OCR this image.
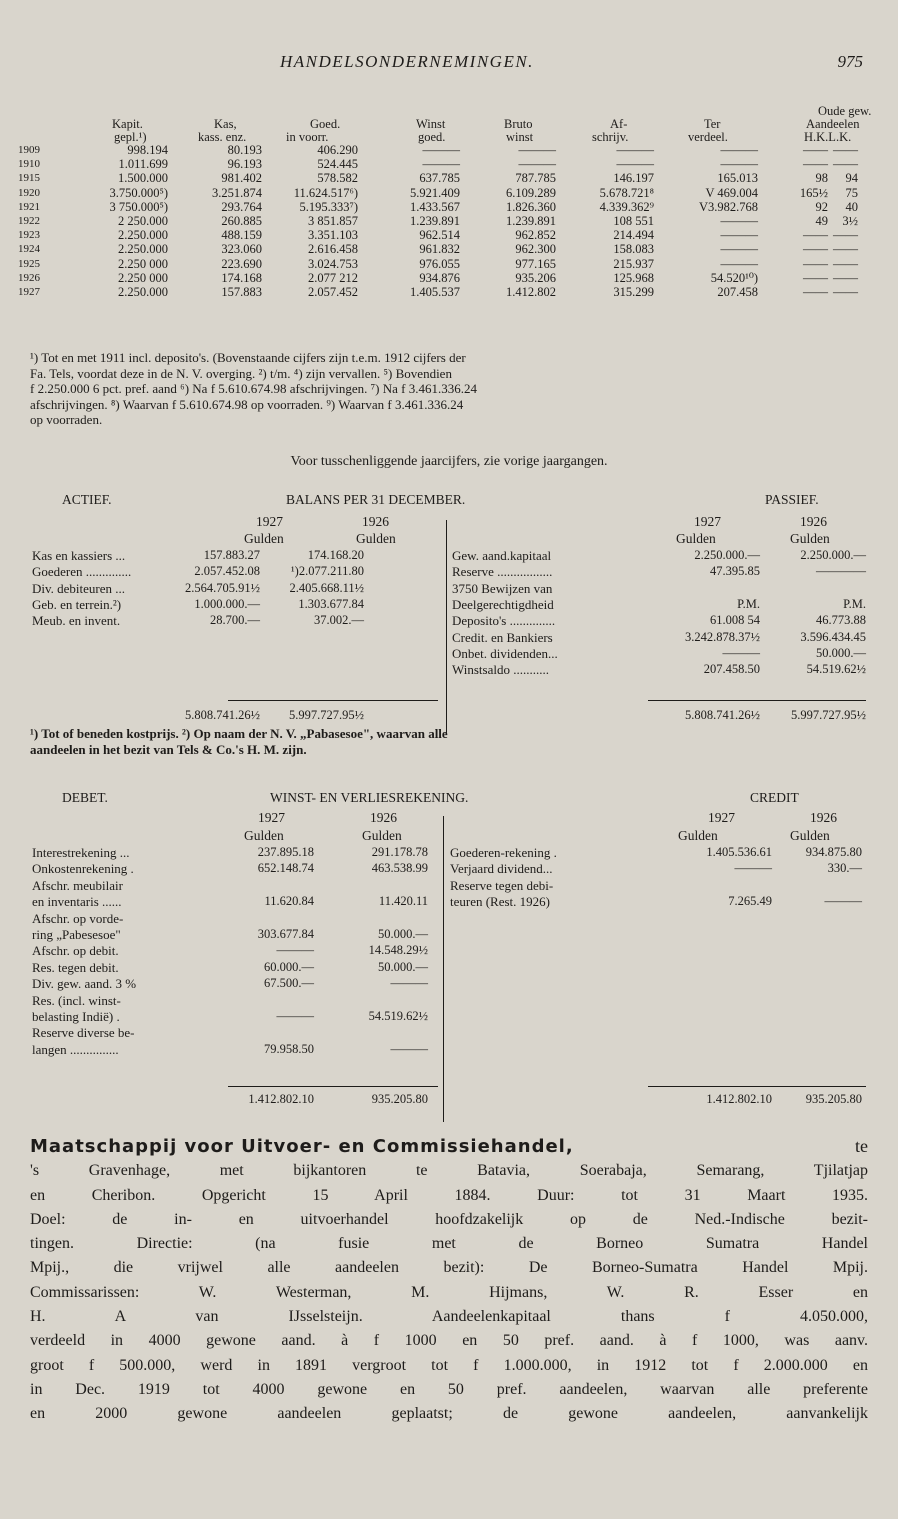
HANDELSONDERNEMINGEN.	975
Oude gew.
Kapit.	Kas,	Goed.	Winst	Bruto	Af-	Ter	Aandeelen
gepl.¹)	kass. enz.	in voorr.	goed.	winst	schrijv.	verdeel.	H.K.L.K.
1909	998.194	80.193	406.290	———	———	———	———	—— ——
1910	1.011.699	96.193	524.445	———	———	———	———	—— ——
1915	1.500.000	981.402	578.582	637.785	787.785	146.197	165.013	98 94
1920	3.750.000⁵)	3.251.874	11.624.517⁶)	5.921.409	6.109.289	5.678.721⁸	V 469.004	165½ 75
1921	3 750.000⁵)	293.764	5.195.333⁷)	1.433.567	1.826.360	4.339.362⁹	V3.982.768	92 40
1922	2 250.000	260.885	3 851.857	1.239.891	1.239.891	108 551	———	49 3½
1923	2.250.000	488.159	3.351.103	962.514	962.852	214.494	———	—— ——
1924	2.250.000	323.060	2.616.458	961.832	962.300	158.083	———	—— ——
1925	2.250 000	223.690	3.024.753	976.055	977.165	215.937	———	—— ——
1926	2.250 000	174.168	2.077 212	934.876	935.206	125.968	54.520¹⁰)	—— ——
1927	2.250.000	157.883	2.057.452	1.405.537	1.412.802	315.299	207.458	—— ——

¹) Tot en met 1911 incl. deposito's. (Bovenstaande cijfers zijn t.e.m. 1912 cijfers der

Fa. Tels, voordat deze in de N. V. overging. ²) t/m. ⁴) zijn vervallen. ⁵) Bovendien

f 2.250.000 6 pct. pref. aand ⁶) Na f 5.610.674.98 afschrijvingen. ⁷) Na f 3.461.336.24

afschrijvingen. ⁸) Waarvan f 5.610.674.98 op voorraden. ⁹) Waarvan f 3.461.336.24

op voorraden.

Voor tusschenliggende jaarcijfers, zie vorige jaargangen.
ACTIEF.	BALANS PER 31 DECEMBER.	PASSIEF.
1927	1926
Gulden	Gulden
1927	1926
Gulden	Gulden
Kas en kassiers ...	157.883.27	174.168.20
Goederen ..............	2.057.452.08 ¹)2.077.211.80
Div. debiteuren ...	2.564.705.91½ 2.405.668.11½
Geb. en terrein.²)	1.000.000.—	1.303.677.84
Meub. en invent.	28.700.—	37.002.—
Gew. aand.kapitaal	2.250.000.—	2.250.000.—
Reserve .................	47.395.85	————
3750 Bewijzen van
Deelgerechtigdheid	P.M.	P.M.
Deposito's ..............	61.008 54	46.773.88
Credit. en Bankiers	3.242.878.37½	3.596.434.45
Onbet. dividenden...	———	50.000.—
Winstsaldo ...........	207.458.50	54.519.62½
5.808.741.26½ 5.997.727.95½	5.808.741.26½ 5.997.727.95½

¹) Tot of beneden kostprijs. ²) Op naam der N. V. „Pabasesoe", waarvan alle

aandeelen in het bezit van Tels & Co.'s H. M. zijn.

DEBET.	WINST- EN VERLIESREKENING.	CREDIT
1927	1926
Gulden	Gulden
1927	1926
Gulden	Gulden
Interestrekening ...	237.895.18	291.178.78
Onkostenrekening .	652.148.74	463.538.99
Afschr. meubilair
en inventaris ......	11.620.84	11.420.11
Afschr. op vorde-
ring „Pabesesoe"	303.677.84	50.000.—
Afschr. op debit.	———	14.548.29½
Res. tegen debit.	60.000.—	50.000.—
Div. gew. aand. 3 %	67.500.—	———
Res. (incl. winst-
belasting Indië) .	———	54.519.62½
Reserve diverse be-
langen ...............	79.958.50	———
Goederen-rekening .	1.405.536.61	934.875.80
Verjaard dividend...	———	330.—
Reserve tegen debi-
teuren (Rest. 1926)	7.265.49	———
1.412.802.10	935.205.80	1.412.802.10	935.205.80

Maatschappij voor Uitvoer- en Commissiehandel,	te

's Gravenhage, met bijkantoren te Batavia, Soerabaja, Semarang, Tjilatjap

en Cheribon. Opgericht 15 April 1884. Duur: tot 31 Maart 1935.

Doel: de in- en uitvoerhandel hoofdzakelijk op de Ned.-Indische bezit-

tingen. Directie: (na fusie met de Borneo Sumatra Handel

Mpij., die vrijwel alle aandeelen bezit): De Borneo-Sumatra Handel Mpij.

Commissarissen: W. Westerman, M. Hijmans, W. R. Esser en

H. A van IJsselsteijn. Aandeelenkapitaal thans f 4.050.000,

verdeeld in 4000 gewone aand. à f 1000 en 50 pref. aand. à f 1000, was aanv.

groot f 500.000, werd in 1891 vergroot tot f 1.000.000, in 1912 tot f 2.000.000 en

in Dec. 1919 tot 4000 gewone en 50 pref. aandeelen, waarvan alle preferente

en 2000 gewone aandeelen geplaatst; de gewone aandeelen, aanvankelijk
